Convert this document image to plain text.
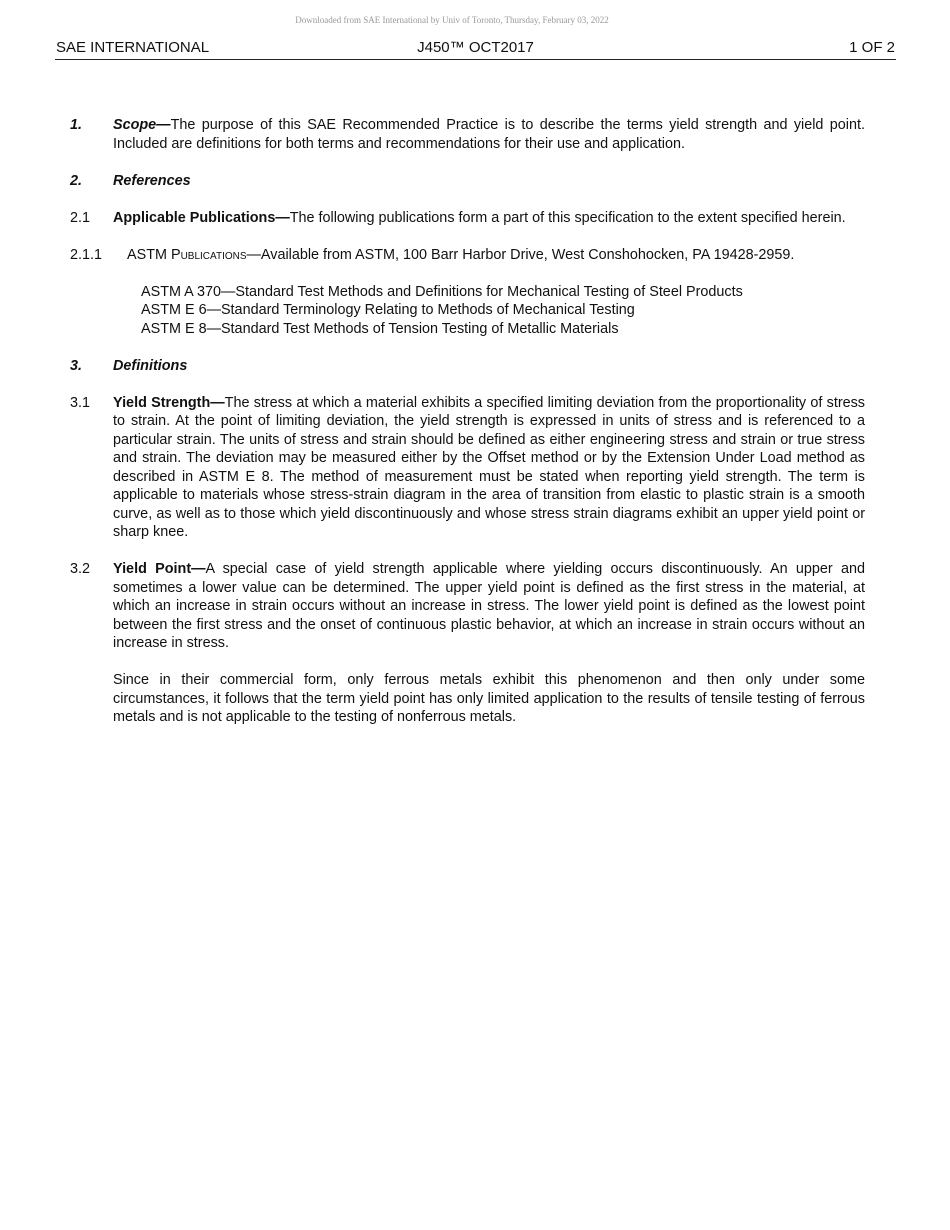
Downloaded from SAE International by Univ of Toronto, Thursday, February 03, 2022
SAE INTERNATIONAL	J450™ OCT2017	1 OF 2
1. Scope—The purpose of this SAE Recommended Practice is to describe the terms yield strength and yield point. Included are definitions for both terms and recommendations for their use and application.
2. References
2.1 Applicable Publications—The following publications form a part of this specification to the extent specified herein.
2.1.1 ASTM Publications—Available from ASTM, 100 Barr Harbor Drive, West Conshohocken, PA 19428-2959.
ASTM A 370—Standard Test Methods and Definitions for Mechanical Testing of Steel Products
ASTM E 6—Standard Terminology Relating to Methods of Mechanical Testing
ASTM E 8—Standard Test Methods of Tension Testing of Metallic Materials
3. Definitions
3.1 Yield Strength—The stress at which a material exhibits a specified limiting deviation from the proportionality of stress to strain. At the point of limiting deviation, the yield strength is expressed in units of stress and is referenced to a particular strain. The units of stress and strain should be defined as either engineering stress and strain or true stress and strain. The deviation may be measured either by the Offset method or by the Extension Under Load method as described in ASTM E 8. The method of measurement must be stated when reporting yield strength. The term is applicable to materials whose stress-strain diagram in the area of transition from elastic to plastic strain is a smooth curve, as well as to those which yield discontinuously and whose stress strain diagrams exhibit an upper yield point or sharp knee.
3.2 Yield Point—A special case of yield strength applicable where yielding occurs discontinuously. An upper and sometimes a lower value can be determined. The upper yield point is defined as the first stress in the material, at which an increase in strain occurs without an increase in stress. The lower yield point is defined as the lowest point between the first stress and the onset of continuous plastic behavior, at which an increase in strain occurs without an increase in stress.
Since in their commercial form, only ferrous metals exhibit this phenomenon and then only under some circumstances, it follows that the term yield point has only limited application to the results of tensile testing of ferrous metals and is not applicable to the testing of nonferrous metals.
